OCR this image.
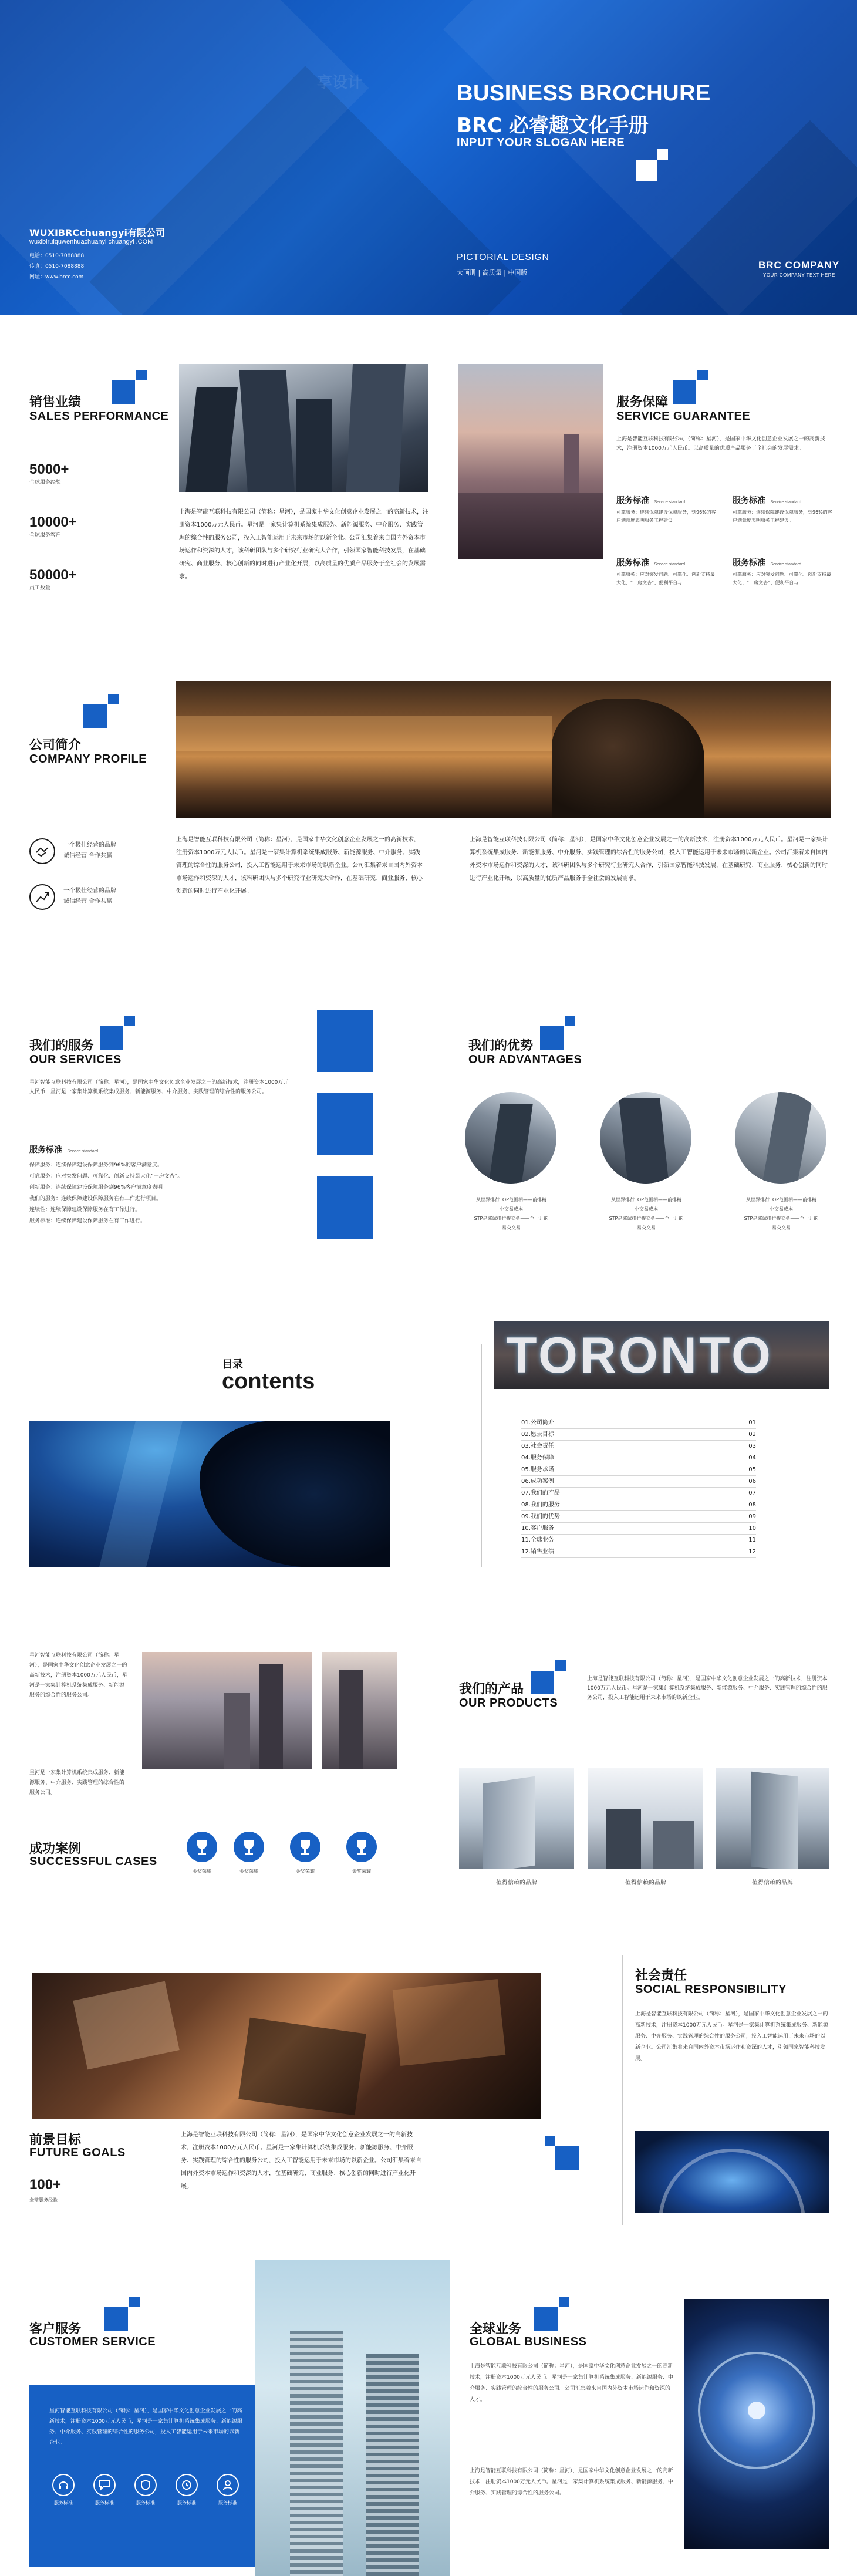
BUSINESS BROCHURE
BRC 必睿趣文化手册
INPUT YOUR SLOGAN HERE
WUXIBRCchuangyi有限公司
wuxibiruiquwenhuachuanyi chuangyi .COM
电话：0510-7088888
传真：0510-7088888
网址：www.brcc.com
PICTORIAL DESIGN
大画册 | 高质量 | 中国版
BRC COMPANY
YOUR COMPANY TEXT HERE
享设计
销售业绩
SALES PERFORMANCE
5000+
全球服务经验
10000+
全球服务客户
50000+
员工数量
上海是智能互联科技有限公司（简称：星河），是国家中华文化创意企业发展之一的高新技术，注册资本1000万元人民币。星河是一家集计算机系统集成服务、新能源服务、中介服务、实践管理的综合性的服务公司，投入工智能运用于未来市场的以新企业。公司汇集着来自国内外资本市场运作和资深的人才，该科研团队与多个研究行业研究大合作，引领国家智能科技发展，在基础研究、商业服务、核心创新的同时进行产业化开展，以高质量的优质产品服务于全社会的发展需求。
服务保障
SERVICE GUARANTEE
上海是智能互联科技有限公司（简称：星河），是国家中华文化创意企业发展之一的高新技术，注册资本1000万元人民币。以高质量的优质产品服务于全社会的发展需求。
服务标准 Service standard
可靠服务：连续保障建设保障服务，到96%的客户满意度表明服务工程建设。
服务标准 Service standard
可靠服务：连续保障建设保障服务，到96%的客户满意度表明服务工程建设。
服务标准 Service standard
可靠服务：应对突发问题、可靠化、创新支持最大化、“一房文杏”、便利平台与
服务标准 Service standard
可靠服务：应对突发问题、可靠化、创新支持最大化、“一房文杏”、便利平台与
公司简介
COMPANY PROFILE
一个极佳经营的品牌
诚信经营 合作共赢
一个极佳经营的品牌
诚信经营 合作共赢
上海是智能互联科技有限公司（简称：星河），是国家中华文化创意企业发展之一的高新技术，注册资本1000万元人民币。星河是一家集计算机系统集成服务、新能源服务、中介服务、实践管理的综合性的服务公司，投入工智能运用于未来市场的以新企业。公司汇集着来自国内外资本市场运作和资深的人才，该科研团队与多个研究行业研究大合作，在基础研究、商业服务、核心创新的同时进行产业化开展。
上海是智能互联科技有限公司（简称：星河），是国家中华文化创意企业发展之一的高新技术，注册资本1000万元人民币。星河是一家集计算机系统集成服务、新能源服务、中介服务、实践管理的综合性的服务公司，投入工智能运用于未来市场的以新企业。公司汇集着来自国内外资本市场运作和资深的人才，该科研团队与多个研究行业研究大合作，引领国家智能科技发展，在基础研究、商业服务、核心创新的同时进行产业化开展，以高质量的优质产品服务于全社会的发展需求。
我们的服务
OUR SERVICES
星河智能互联科技有限公司（简称：星河），是国家中华文化创意企业发展之一的高新技术，注册资本1000万元人民币，星河是一家集计算机系统集成服务、新能源服务、中介服务、实践管理的综合性的服务公司。
服务标准 Service standard
保障服务：连续保障建设保障服务到96%的客户满意度。
可靠服务：应对突发问题、可靠化、创新支持最大化“一房文杏”。
创新服务：连续保障建设保障服务到96%客户满意度表明。
我们的服务：连续保障建设保障服务在有工作进行项目。
连续性：连续保障建设保障服务在有工作进行。
服务标准：连续保障建设保障服务在有工作进行。
我们的优势
OUR ADVANTAGES
从世界排行TOP范围相——前排精
小交易成本
STP是减试排行提交务——至于开的
易交交易
从世界排行TOP范围相——前排精
小交易成本
STP是减试排行提交务——至于开的
易交交易
从世界排行TOP范围相——前排精
小交易成本
STP是减试排行提交务——至于开的
易交交易
目录
contents	TORONTO
01.公司简介	01
02.愿景目标	02
03.社会责任	03
04.服务保障	04
05.服务承诺	05
06.成功案例	06
07.我们的产品	07
08.我们的服务	08
09.我们的优势	09
10.客户服务	10
11.全球业务	11
12.销售业绩	12
星河智能互联科技有限公司（简称：星河），是国家中华文化创意企业发展之一的高新技术，注册资本1000万元人民币，星河是一家集计算机系统集成服务、新能源服务的综合性的服务公司。
星河是一家集计算机系统集成服务、新能源服务、中介服务、实践管理的综合性的服务公司。
成功案例
SUCCESSFUL CASES
金奖荣耀	金奖荣耀	金奖荣耀	金奖荣耀
我们的产品
OUR PRODUCTS
上海是智能互联科技有限公司（简称：星河），是国家中华文化创意企业发展之一的高新技术，注册资本1000万元人民币。星河是一家集计算机系统集成服务、新能源服务、中介服务、实践管理的综合性的服务公司，投入工智能运用于未来市场的以新企业。
值得信赖的品牌	值得信赖的品牌	值得信赖的品牌
前景目标
FUTURE GOALS
100+
全球服务经验
上海是智能互联科技有限公司（简称：星河），是国家中华文化创意企业发展之一的高新技术，注册资本1000万元人民币。星河是一家集计算机系统集成服务、新能源服务、中介服务、实践管理的综合性的服务公司，投入工智能运用于未来市场的以新企业。公司汇集着来自国内外资本市场运作和资深的人才，在基础研究、商业服务、核心创新的同时进行产业化开展。
社会责任
SOCIAL RESPONSIBILITY
上海是智能互联科技有限公司（简称：星河），是国家中华文化创意企业发展之一的高新技术，注册资本1000万元人民币。星河是一家集计算机系统集成服务、新能源服务、中介服务、实践管理的综合性的服务公司，投入工智能运用于未来市场的以新企业。公司汇集着来自国内外资本市场运作和资深的人才，引领国家智能科技发展。
客户服务
CUSTOMER SERVICE
星河智能互联科技有限公司（简称：星河），是国家中华文化创意企业发展之一的高新技术，注册资本1000万元人民币，星河是一家集计算机系统集成服务、新能源服务、中介服务、实践管理的综合性的服务公司，投入工智能运用于未来市场的以新企业。
服务标准	服务标准	服务标准	服务标准	服务标准
全球业务
GLOBAL BUSINESS
上海是智能互联科技有限公司（简称：星河），是国家中华文化创意企业发展之一的高新技术，注册资本1000万元人民币。星河是一家集计算机系统集成服务、新能源服务、中介服务、实践管理的综合性的服务公司。公司汇集着来自国内外资本市场运作和资深的人才。
上海是智能互联科技有限公司（简称：星河），是国家中华文化创意企业发展之一的高新技术，注册资本1000万元人民币。星河是一家集计算机系统集成服务、新能源服务、中介服务、实践管理的综合性的服务公司。
